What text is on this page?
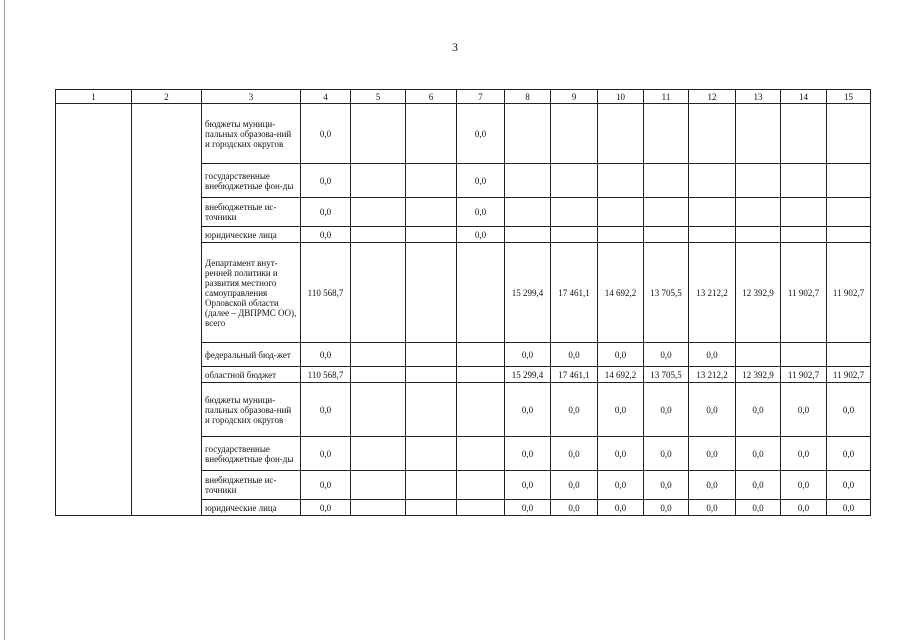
3
1	2	3	4	5	6	7	8	9	10	11	12	13	14	15
		бюджеты муници-пальных образова-ний и городских округов	0,0			0,0								
		государственные внебюджетные фон-ды	0,0			0,0								
		внебюджетные ис-точники	0,0			0,0								
		юридические лица	0,0			0,0								
		Департамент внут-ренней политики и развития местного самоуправления Орловской области (далее – ДВПРМС ОО), всего	110 568,7				15 299,4	17 461,1	14 692,2	13 705,5	13 212,2	12 392,9	11 902,7	11 902,7
		федеральный бюд-жет	0,0				0,0	0,0	0,0	0,0	0,0			
		областной бюджет	110 568,7				15 299,4	17 461,1	14 692,2	13 705,5	13 212,2	12 392,9	11 902,7	11 902,7
		бюджеты муници-пальных образова-ний и городских округов	0,0				0,0	0,0	0,0	0,0	0,0	0,0	0,0	0,0
		государственные внебюджетные фон-ды	0,0				0,0	0,0	0,0	0,0	0,0	0,0	0,0	0,0
		внебюджетные ис-точники	0,0				0,0	0,0	0,0	0,0	0,0	0,0	0,0	0,0
		юридические лица	0,0				0,0	0,0	0,0	0,0	0,0	0,0	0,0	0,0
